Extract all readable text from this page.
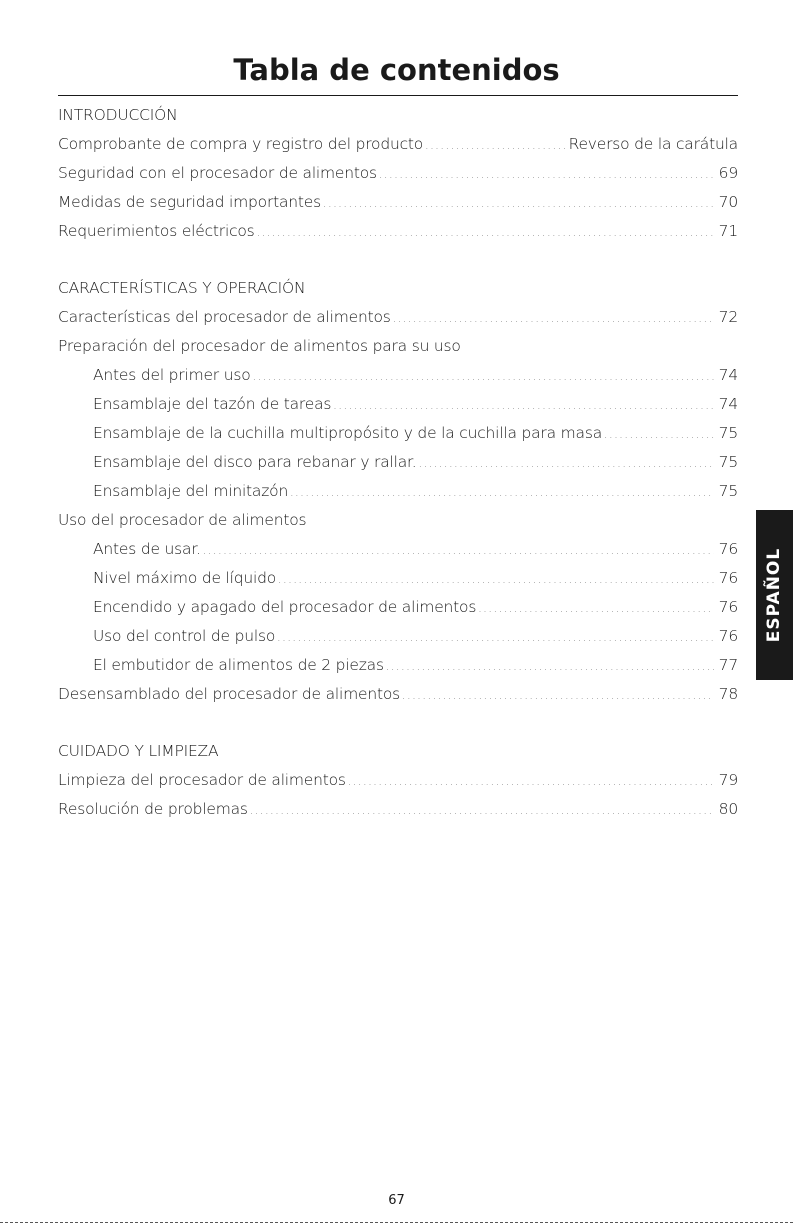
Tabla de contenidos
INTRODUCCIÓN
Comprobante de compra y registro del producto .....	Reverso de la carátula
Seguridad con el procesador de alimentos .....	69
Medidas de seguridad importantes .....	70
Requerimientos eléctricos .....	71
CARACTERÍSTICAS Y OPERACIÓN
Características del procesador de alimentos .....	72
Preparación del procesador de alimentos para su uso
Antes del primer uso .....	74
Ensamblaje del tazón de tareas .....	74
Ensamblaje de la cuchilla multipropósito y de la cuchilla para masa .....	75
Ensamblaje del disco para rebanar y rallar. .....	75
Ensamblaje del minitazón .....	75
Uso del procesador de alimentos
Antes de usar. .....	76
Nivel máximo de líquido .....	76
Encendido y apagado del procesador de alimentos .....	76
Uso del control de pulso .....	76
El embutidor de alimentos de 2 piezas .....	77
Desensamblado del procesador de alimentos .....	78
CUIDADO Y LIMPIEZA
Limpieza del procesador de alimentos .....	79
Resolución de problemas .....	80
ESPAÑOL
67
